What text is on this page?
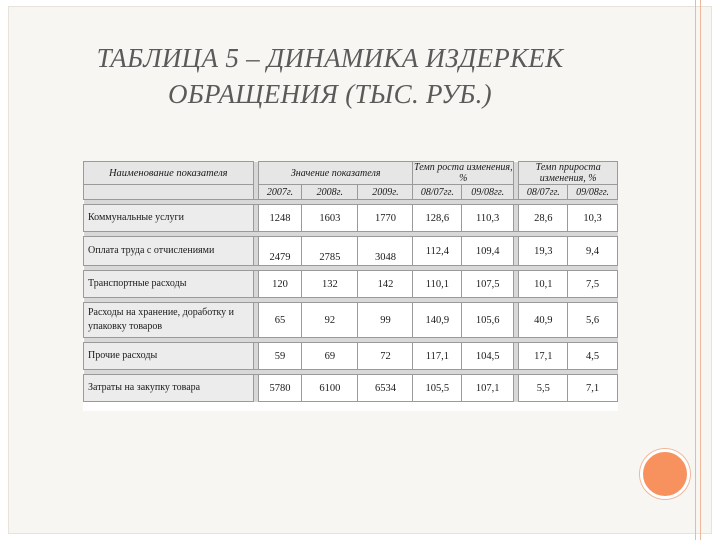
ТАБЛИЦА 5 – ДИНАМИКА ИЗДЕРКЕК
ОБРАЩЕНИЯ (ТЫС. РУБ.)
Наименование показателя		Значение показателя			Темп роста изменения, %			Темп прироста изменения, %	

		2007г.	2008г.	2009г.	08/07гг.	09/08гг.		08/07гг.	09/08гг.

Коммунальные услуги		1248	1603	1770	128,6	110,3		28,6	10,3

Оплата труда с отчислениями		2479	2785	3048	112,4	109,4		19,3	9,4

Транспортные расходы		120	132	142	110,1	107,5		10,1	7,5

Расходы на хранение, доработку и упаковку товаров		65	92	99	140,9	105,6		40,9	5,6

Прочие расходы		59	69	72	117,1	104,5		17,1	4,5

Затраты на закупку товара		5780	6100	6534	105,5	107,1		5,5	7,1
